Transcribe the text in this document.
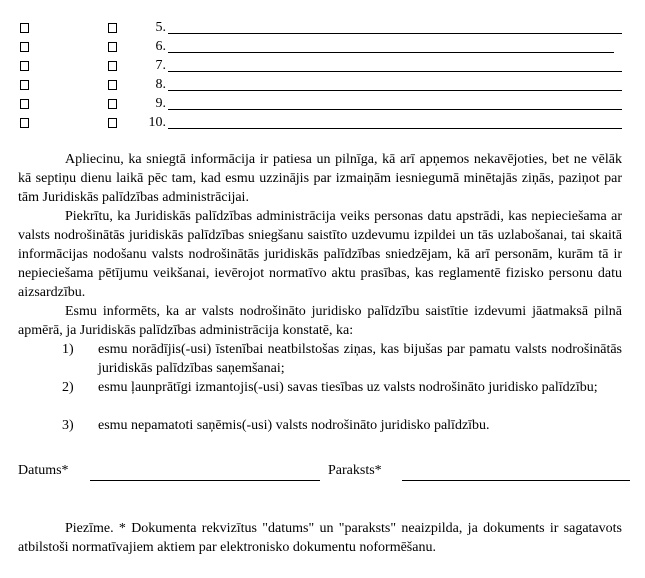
5.
6.
7.
8.
9.
10.

Apliecinu, ka sniegtā informācija ir patiesa un pilnīga, kā arī apņemos nekavējoties, bet ne vēlāk kā septiņu dienu laikā pēc tam, kad esmu uzzinājis par izmaiņām iesniegumā minētajās ziņās, paziņot par tām Juridiskās palīdzības administrācijai.

Piekrītu, ka Juridiskās palīdzības administrācija veiks personas datu apstrādi, kas nepieciešama ar valsts nodrošinātās juridiskās palīdzības sniegšanu saistīto uzdevumu izpildei un tās uzlabošanai, tai skaitā informācijas nodošanu valsts nodrošinātās juridiskās palīdzības sniedzējam, kā arī personām, kurām tā ir nepieciešama pētījumu veikšanai, ievērojot normatīvo aktu prasības, kas reglamentē fizisko personu datu aizsardzību.

Esmu informēts, ka ar valsts nodrošināto juridisko palīdzību saistītie izdevumi jāatmaksā pilnā apmērā, ja Juridiskās palīdzības administrācija konstatē, ka:

1) esmu norādījis(-usi) īstenībai neatbilstošas ziņas, kas bijušas par pamatu valsts nodrošinātās juridiskās palīdzības saņemšanai;
2) esmu ļaunprātīgi izmantojis(-usi) savas tiesības uz valsts nodrošināto juridisko palīdzību;
3) esmu nepamatoti saņēmis(-usi) valsts nodrošināto juridisko palīdzību.
Datums*	Paraksts*

Piezīme. * Dokumenta rekvizītus "datums" un "paraksts" neaizpilda, ja dokuments ir sagatavots atbilstoši normatīvajiem aktiem par elektronisko dokumentu noformēšanu.
